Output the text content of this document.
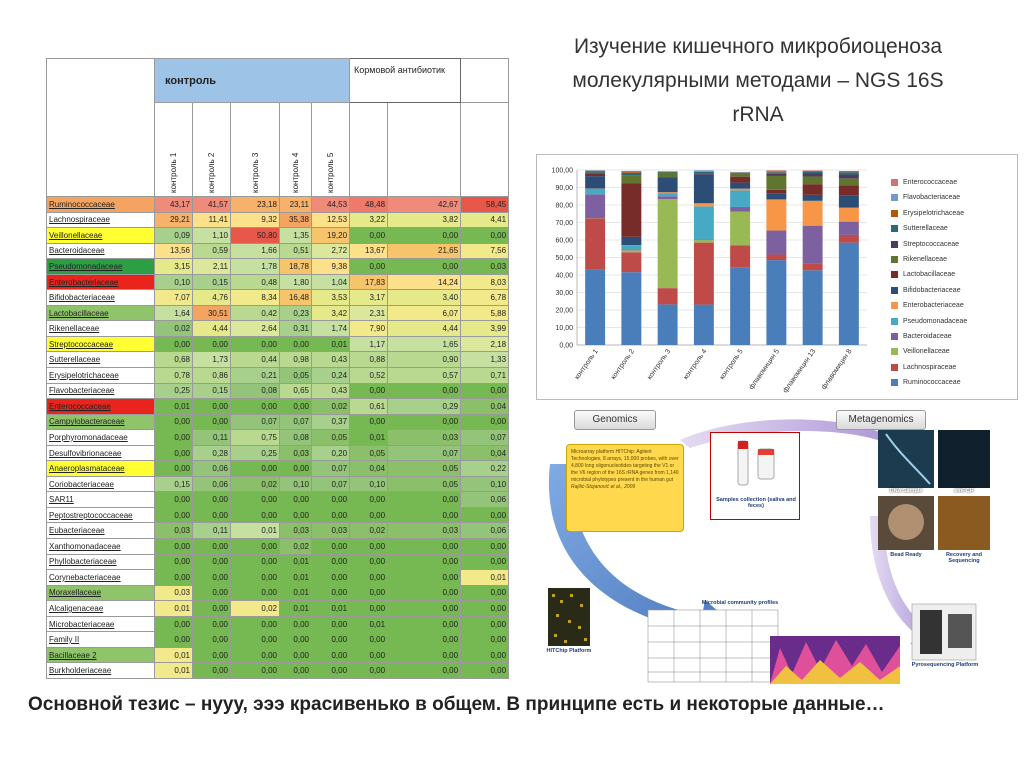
	контроль					Кормовой антибиотик		

	контроль 1	контроль 2	контроль 3	контроль 4	контроль 5			

Ruminococcaceae	43,17	41,57	23,18	23,11	44,53	48,48	42,67	58,45
Lachnospiraceae	29,21	11,41	9,32	35,38	12,53	3,22	3,82	4,41
Veillonellaceae	0,09	1,10	50,80	1,35	19,20	0,00	0,00	0,00
Bacteroidaceae	13,56	0,59	1,66	0,51	2,72	13,67	21,65	7,56
Pseudomonadaceae	3,15	2,11	1,78	18,78	9,38	0,00	0,00	0,03
Enterobacteriaceae	0,10	0,15	0,48	1,80	1,04	17,83	14,24	8,03
Bifidobacteriaceae	7,07	4,76	8,34	16,48	3,53	3,17	3,40	6,78
Lactobacillaceae	1,64	30,51	0,42	0,23	3,42	2,31	6,07	5,88
Rikenellaceae	0,02	4,44	2,64	0,31	1,74	7,90	4,44	3,99
Streptococcaceae	0,00	0,00	0,00	0,00	0,01	1,17	1,65	2,18
Sutterellaceae	0,68	1,73	0,44	0,98	0,43	0,88	0,90	1,33
Erysipelotrichaceae	0,78	0,86	0,21	0,05	0,24	0,52	0,57	0,71
Flavobacteriaceae	0,25	0,15	0,08	0,65	0,43	0,00	0,00	0,00
Enterococcaceae	0,01	0,00	0,00	0,00	0,02	0,61	0,29	0,04
Campylobacteraceae	0,00	0,00	0,07	0,07	0,37	0,00	0,00	0,00
Porphyromonadaceae	0,00	0,11	0,75	0,08	0,05	0,01	0,03	0,07
Desulfovibrionaceae	0,00	0,28	0,25	0,03	0,20	0,05	0,07	0,04
Anaeroplasmataceae	0,00	0,06	0,00	0,00	0,07	0,04	0,05	0,22
Coriobacteriaceae	0,15	0,06	0,02	0,10	0,07	0,10	0,05	0,10
SAR11	0,00	0,00	0,00	0,00	0,00	0,00	0,00	0,06
Peptostreptococcaceae	0,00	0,00	0,00	0,00	0,00	0,00	0,00	0,00
Eubacteriaceae	0,03	0,11	0,01	0,03	0,03	0,02	0,03	0,06
Xanthomonadaceae	0,00	0,00	0,00	0,02	0,00	0,00	0,00	0,00
Phyllobacteriaceae	0,00	0,00	0,00	0,01	0,00	0,00	0,00	0,00
Corynebacteriaceae	0,00	0,00	0,00	0,01	0,00	0,00	0,00	0,01
Moraxellaceae	0,03	0,00	0,00	0,01	0,00	0,00	0,00	0,00
Alcaligenaceae	0,01	0,00	0,02	0,01	0,01	0,00	0,00	0,00
Microbacteriaceae	0,00	0,00	0,00	0,00	0,00	0,01	0,00	0,00
Family II	0,00	0,00	0,00	0,00	0,00	0,00	0,00	0,00
Bacillaceae 2	0,01	0,00	0,00	0,00	0,00	0,00	0,00	0,00
Burkholderiaceae	0,01	0,00	0,00	0,00	0,00	0,00	0,00	0,00
Изучение кишечного микробиоценоза молекулярными методами – NGS 16S rRNA
0,00
10,00
20,00
30,00
40,00
50,00
60,00
70,00
80,00
90,00
100,00
контроль 1 контроль 2 контроль 3 контроль 4 контроль 5 флавомицин 5 флавомицин 13 флавомицин 8
Enterococcaceae
Flavobacteriaceae
Erysipelotrichaceae
Sutterellaceae
Streptococcaceae
Rikenellaceae
Lactobacillaceae
Bifidobacteriaceae
Enterobacteriaceae
Pseudomonadaceae
Bacteroidaceae
Veillonellaceae
Lachnospiraceae
Ruminococcaceae
Genomics	Metagenomics
Microarray platform HITChip: Agilent Technologies, 8 arrays, 15,000 probes, with over 4,800 long oligonucleotides targeting the V1 or the V6 region of the 16S rRNA genes from 1,140 microbial phylotypes present in the human gut
Rajilić-Stojanović et al., 2009
Samples collection (saliva and feces)
DNA Sample	emPCR
Bead Ready	Recovery and Sequencing
Microbial community profiles
HITChip Platform
Pyrosequencing Platform
Основной тезис – нууу, эээ красивенько в общем. В принципе есть и некоторые данные…
